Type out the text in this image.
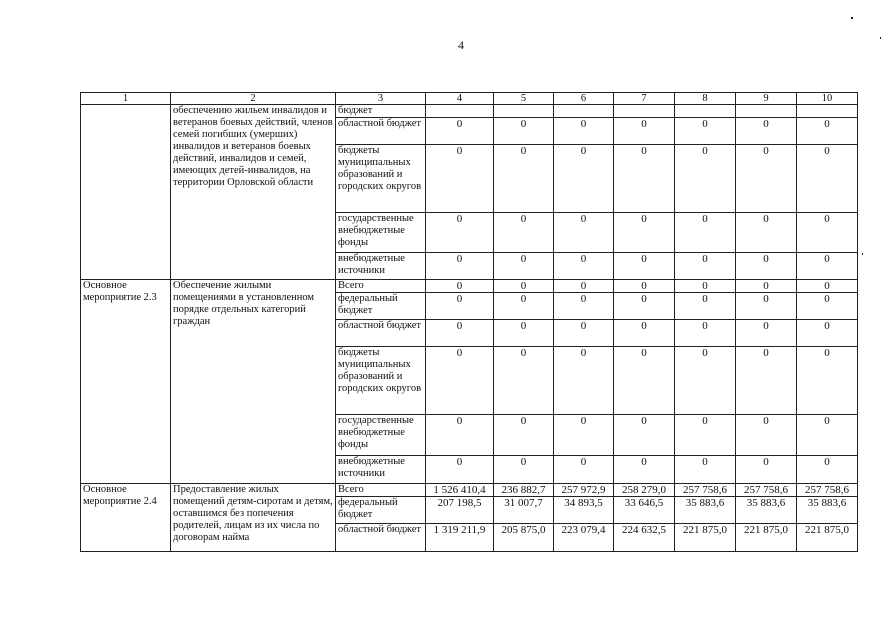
4
1	2	3	4	5	6	7	8	9	10
	обеспечению жильем инвалидов и ветеранов боевых действий, членов семей погибших (умерших) инвалидов и ветеранов боевых действий, инвалидов и семей, имеющих детей-инвалидов, на территории Орловской области	бюджет							
		областной бюджет	0	0	0	0	0	0	0
		бюджеты муниципальных образований и городских округов	0	0	0	0	0	0	0
		государственные внебюджетные фонды	0	0	0	0	0	0	0
		внебюджетные источники	0	0	0	0	0	0	0
Основное мероприятие 2.3	Обеспечение жилыми помещениями в установленном порядке отдельных категорий граждан	Всего	0	0	0	0	0	0	0
		федеральный бюджет	0	0	0	0	0	0	0
		областной бюджет	0	0	0	0	0	0	0
		бюджеты муниципальных образований и городских округов	0	0	0	0	0	0	0
		государственные внебюджетные фонды	0	0	0	0	0	0	0
		внебюджетные источники	0	0	0	0	0	0	0
Основное мероприятие 2.4	Предоставление жилых помещений детям-сиротам и детям, оставшимся без попечения родителей, лицам из их числа по договорам найма	Всего	1 526 410,4	236 882,7	257 972,9	258 279,0	257 758,6	257 758,6	257 758,6
		федеральный бюджет	207 198,5	31 007,7	34 893,5	33 646,5	35 883,6	35 883,6	35 883,6
		областной бюджет	1 319 211,9	205 875,0	223 079,4	224 632,5	221 875,0	221 875,0	221 875,0
